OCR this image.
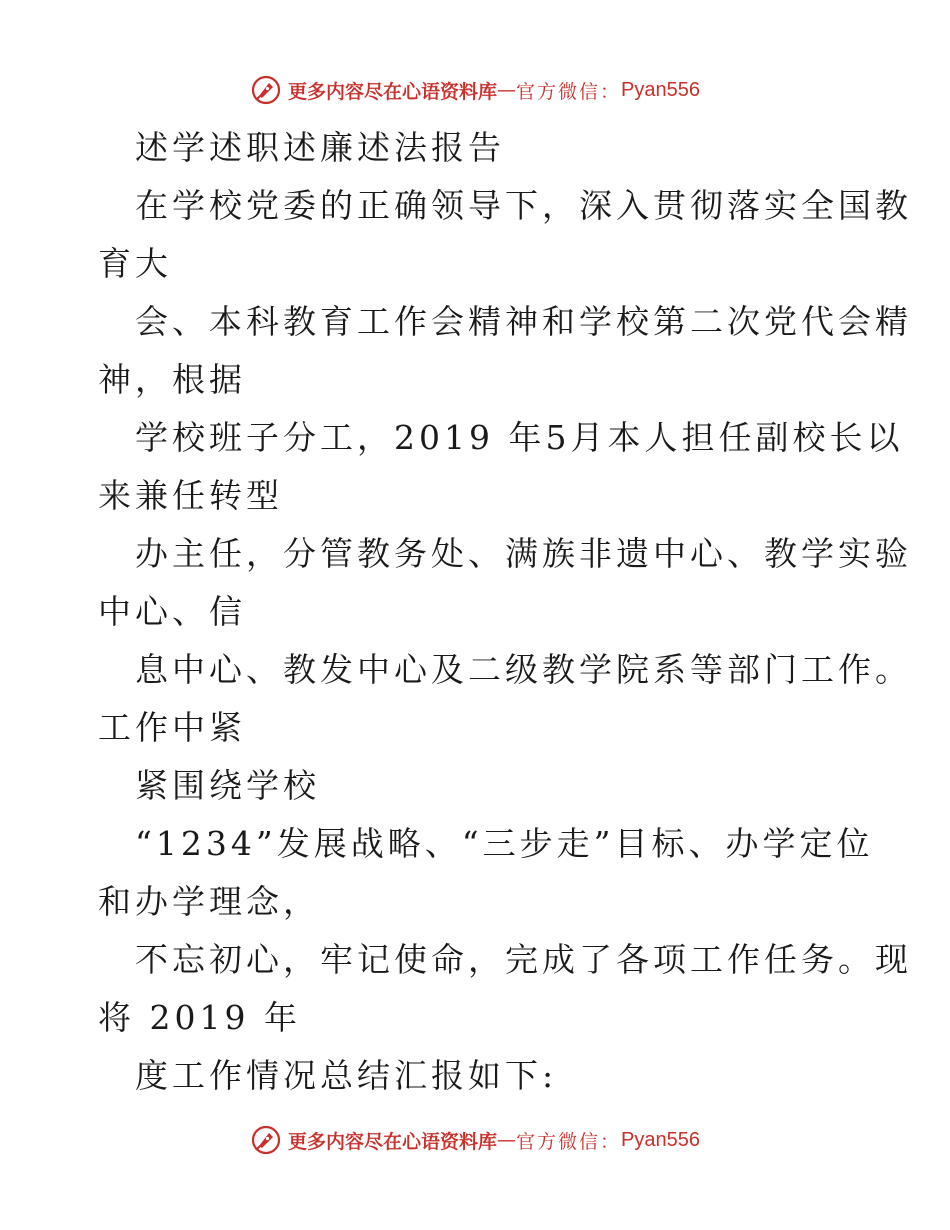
更多内容尽在心语资料库 — 官方微信： Pyan556
述学述职述廉述法报告
在学校党委的正确领导下，深入贯彻落实全国教
育大
会、本科教育工作会精神和学校第二次党代会精
神，根据
学校班子分工，2019 年5月本人担任副校长以
来兼任转型
办主任，分管教务处、满族非遗中心、教学实验
中心、信
息中心、教发中心及二级教学院系等部门工作。
工作中紧
紧围绕学校
“1234”发展战略、“三步走”目标、办学定位
和办学理念，
不忘初心，牢记使命，完成了各项工作任务。现
将 2019 年
度工作情况总结汇报如下:
更多内容尽在心语资料库 — 官方微信： Pyan556
